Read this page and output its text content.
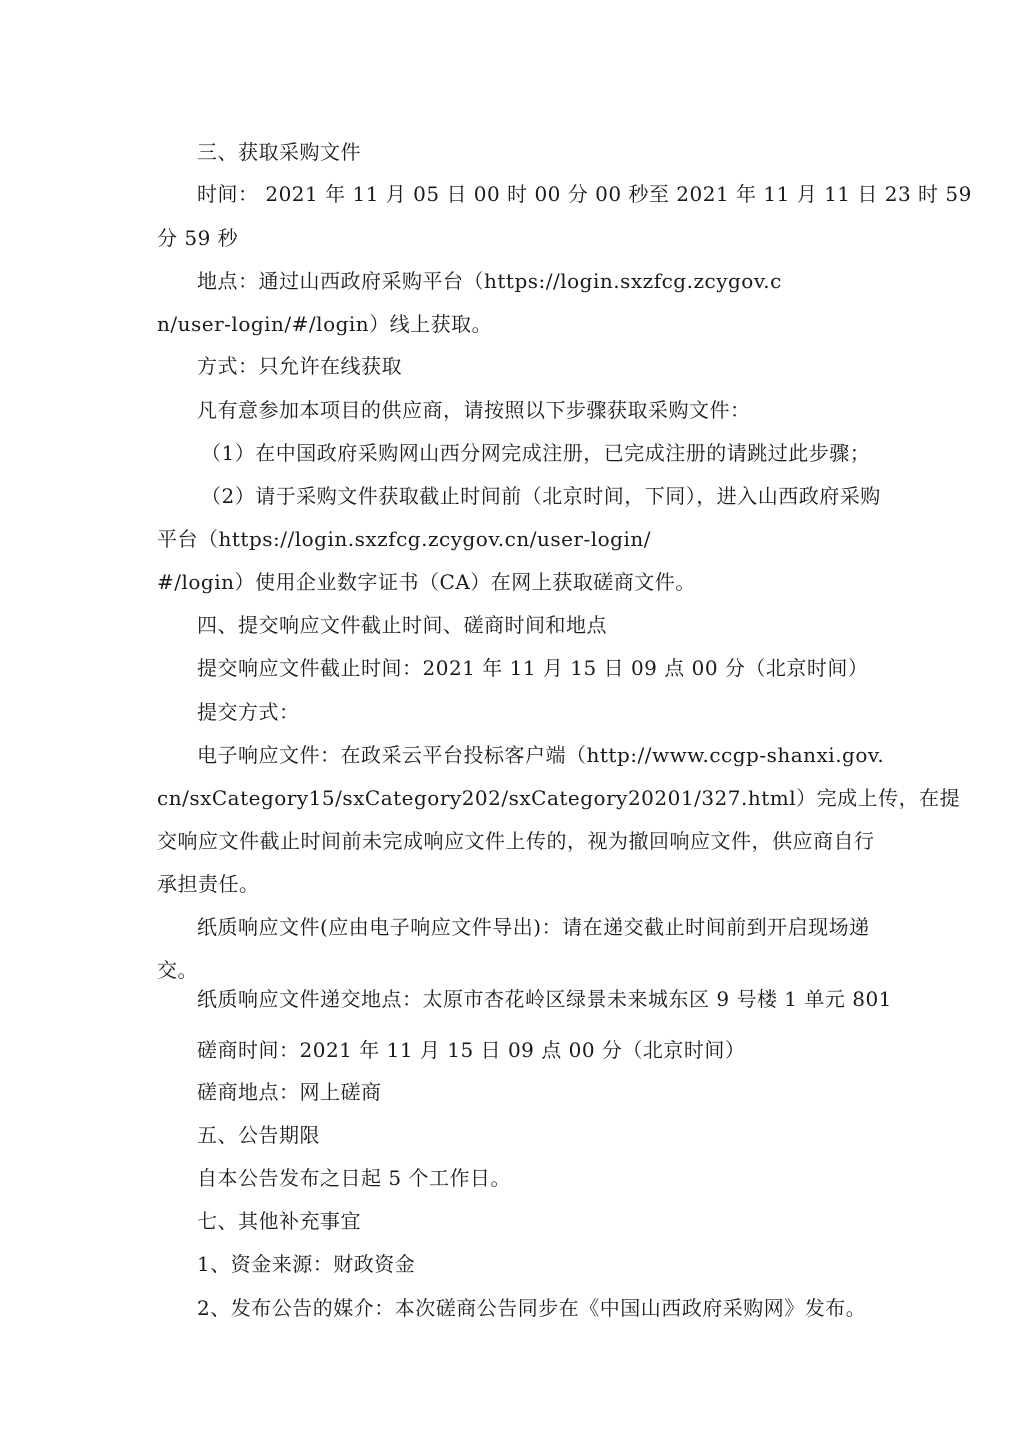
三、获取采购文件

时间： 2021 年 11 月 05 日 00 时 00 分 00 秒至 2021 年 11 月 11 日 23 时 59

分 59 秒

地点：通过山西政府采购平台（https://login.sxzfcg.zcygov.c

n/user-login/#/login）线上获取。

方式：只允许在线获取

凡有意参加本项目的供应商，请按照以下步骤获取采购文件：

（1）在中国政府采购网山西分网完成注册，已完成注册的请跳过此步骤；

（2）请于采购文件获取截止时间前（北京时间，下同），进入山西政府采购

平台（https://login.sxzfcg.zcygov.cn/user-login/

#/login）使用企业数字证书（CA）在网上获取磋商文件。

四、提交响应文件截止时间、磋商时间和地点

提交响应文件截止时间：2021 年 11 月 15 日 09 点 00 分（北京时间）

提交方式：

电子响应文件：在政采云平台投标客户端（http://www.ccgp-shanxi.gov.

cn/sxCategory15/sxCategory202/sxCategory20201/327.html）完成上传，在提

交响应文件截止时间前未完成响应文件上传的，视为撤回响应文件，供应商自行

承担责任。

纸质响应文件(应由电子响应文件导出)：请在递交截止时间前到开启现场递

交。

纸质响应文件递交地点：太原市杏花岭区绿景未来城东区 9 号楼 1 单元 801

磋商时间：2021 年 11 月 15 日 09 点 00 分（北京时间）

磋商地点：网上磋商

五、公告期限

自本公告发布之日起 5 个工作日。

七、其他补充事宜

1、资金来源：财政资金

2、发布公告的媒介：本次磋商公告同步在《中国山西政府采购网》发布。
